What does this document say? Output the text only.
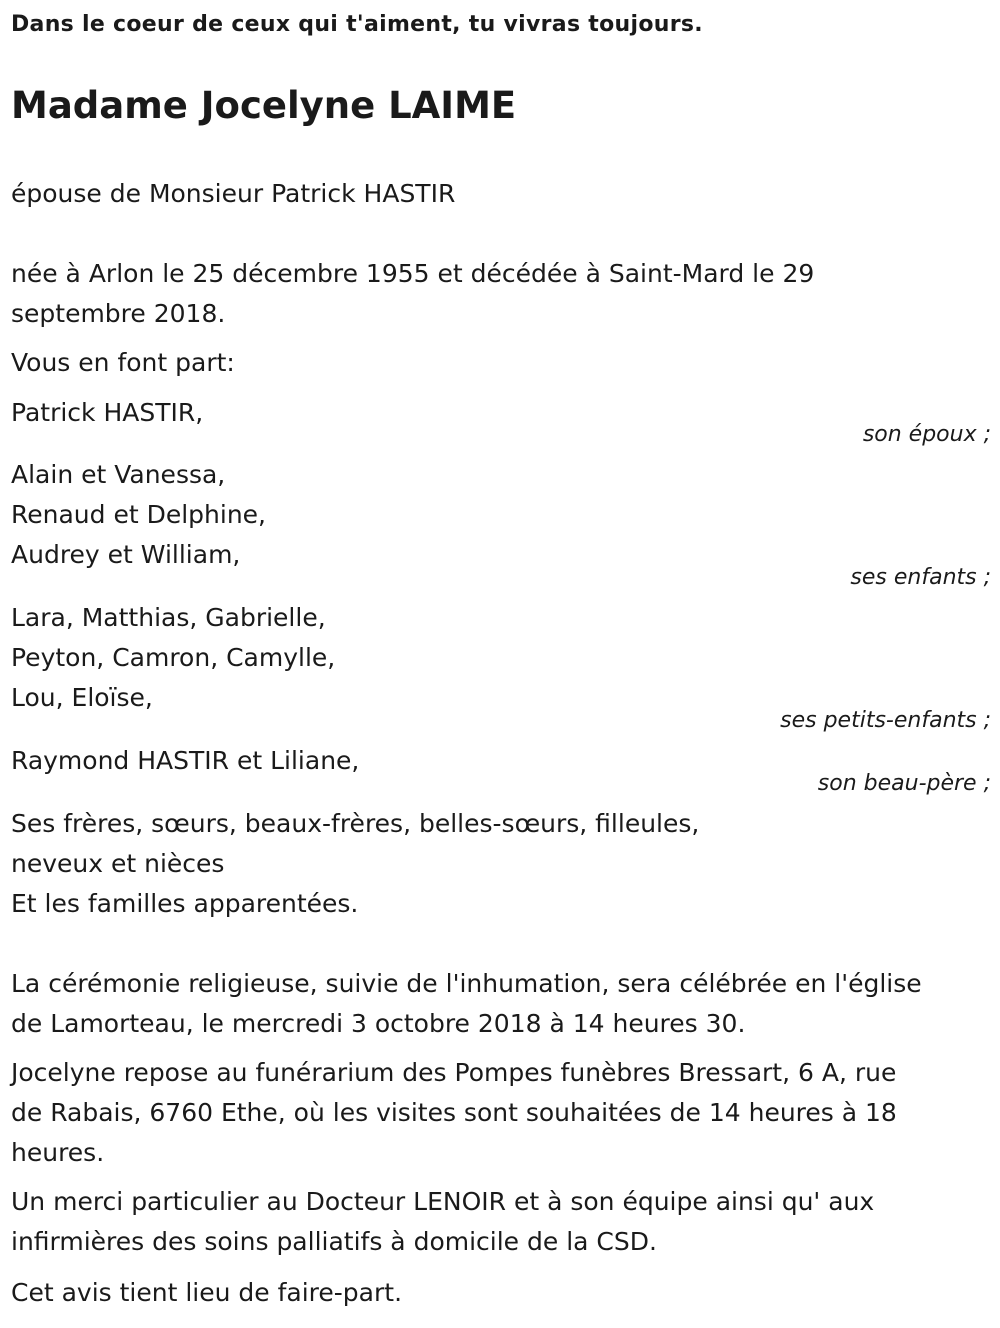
Dans le coeur de ceux qui t'aiment, tu vivras toujours.
Madame Jocelyne LAIME
épouse de Monsieur Patrick HASTIR
née à Arlon le 25 décembre 1955 et décédée à Saint-Mard le 29
septembre 2018.
Vous en font part:
Patrick HASTIR,
son époux ;
Alain et Vanessa,
Renaud et Delphine,
Audrey et William,
ses enfants ;
Lara, Matthias, Gabrielle,
Peyton, Camron, Camylle,
Lou, Eloïse,
ses petits-enfants ;
Raymond HASTIR et Liliane,
son beau-père ;
Ses frères, sœurs, beaux-frères, belles-sœurs, filleules,
neveux et nièces
Et les familles apparentées.
La cérémonie religieuse, suivie de l'inhumation, sera célébrée en l'église
de Lamorteau, le mercredi 3 octobre 2018 à 14 heures 30.
Jocelyne repose au funérarium des Pompes funèbres Bressart, 6 A, rue
de Rabais, 6760 Ethe, où les visites sont souhaitées de 14 heures à 18
heures.
Un merci particulier au Docteur LENOIR et à son équipe ainsi qu' aux
infirmières des soins palliatifs à domicile de la CSD.
Cet avis tient lieu de faire-part.
